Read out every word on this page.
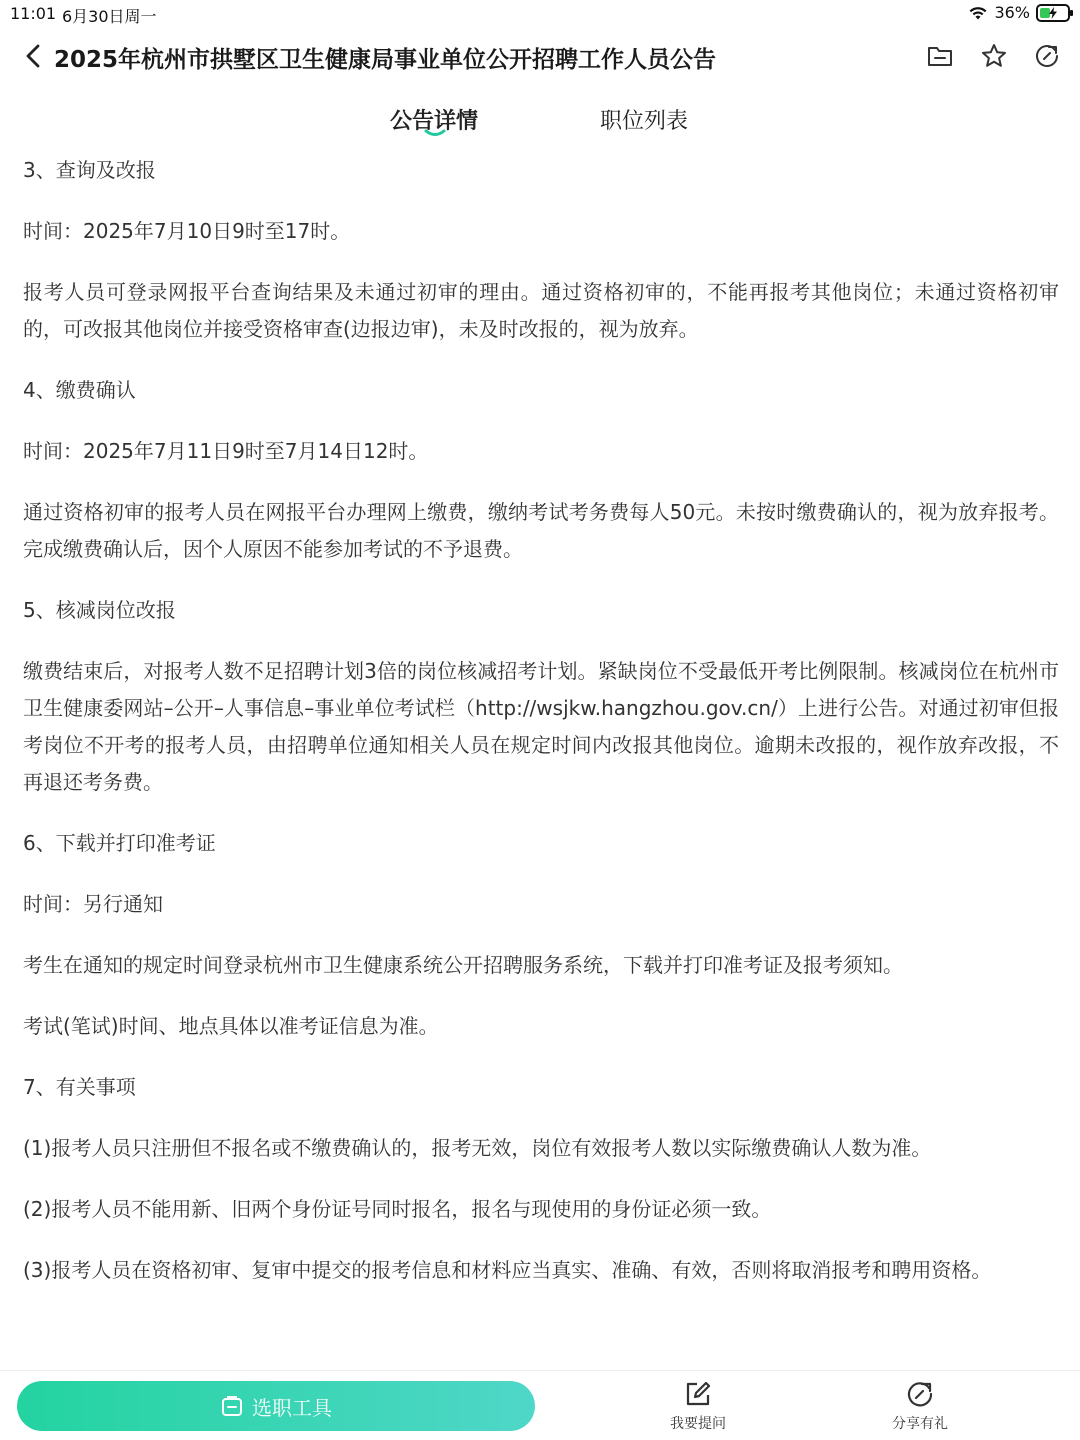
11:01 6月30日周一	36%
2025年杭州市拱墅区卫生健康局事业单位公开招聘工作人员公告
公告详情	职位列表

3、查询及改报

时间：2025年7月10日9时至17时。

报考人员可登录网报平台查询结果及未通过初审的理由。通过资格初审的，不能再报考其他岗位；未通过资格初审的，可改报其他岗位并接受资格审查(边报边审)，未及时改报的，视为放弃。

4、缴费确认

时间：2025年7月11日9时至7月14日12时。

通过资格初审的报考人员在网报平台办理网上缴费，缴纳考试考务费每人50元。未按时缴费确认的，视为放弃报考。完成缴费确认后，因个人原因不能参加考试的不予退费。

5、核减岗位改报

缴费结束后，对报考人数不足招聘计划3倍的岗位核减招考计划。紧缺岗位不受最低开考比例限制。核减岗位在杭州市卫生健康委网站–公开–人事信息–事业单位考试栏（http://wsjkw.hangzhou.gov.cn/）上进行公告。对通过初审但报考岗位不开考的报考人员，由招聘单位通知相关人员在规定时间内改报其他岗位。逾期未改报的，视作放弃改报，不再退还考务费。

6、下载并打印准考证

时间：另行通知

考生在通知的规定时间登录杭州市卫生健康系统公开招聘服务系统，下载并打印准考证及报考须知。

考试(笔试)时间、地点具体以准考证信息为准。

7、有关事项

(1)报考人员只注册但不报名或不缴费确认的，报考无效，岗位有效报考人数以实际缴费确认人数为准。

(2)报考人员不能用新、旧两个身份证号同时报名，报名与现使用的身份证必须一致。

(3)报考人员在资格初审、复审中提交的报考信息和材料应当真实、准确、有效，否则将取消报考和聘用资格。

选职工具
我要提问	分享有礼
